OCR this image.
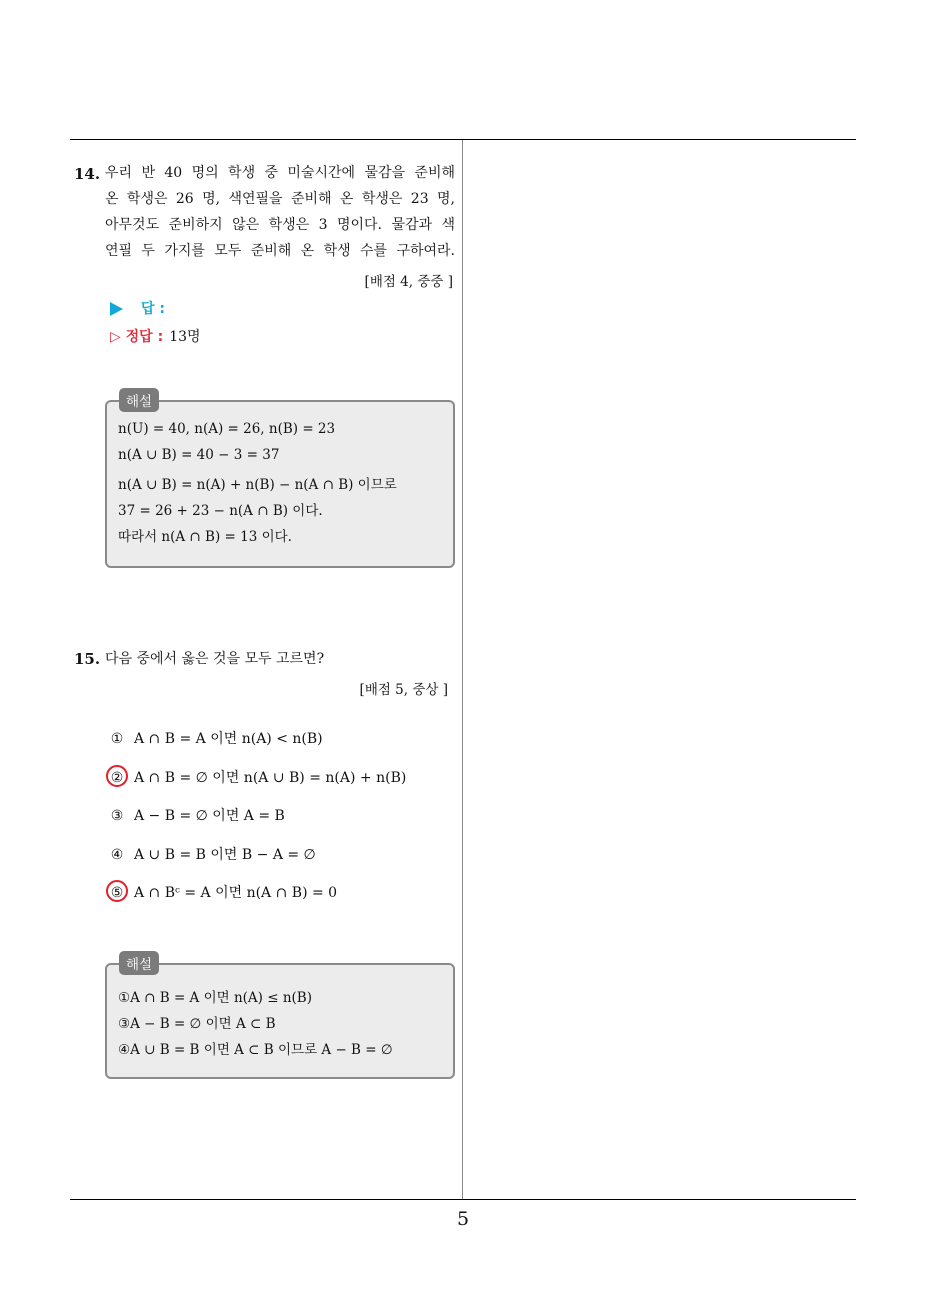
14. 우리 반 40 명의 학생 중 미술시간에 물감을 준비해
온 학생은 26 명, 색연필을 준비해 온 학생은 23 명,
아무것도 준비하지 않은 학생은 3 명이다. 물감과 색
연필 두 가지를 모두 준비해 온 학생 수를 구하여라.
[배점 4, 중중 ]
답 :
▷ 정답 : 13명
해설
n(U) = 40, n(A) = 26, n(B) = 23
n(A ∪ B) = 40 − 3 = 37
n(A ∪ B) = n(A) + n(B) − n(A ∩ B) 이므로
37 = 26 + 23 − n(A ∩ B) 이다.
따라서 n(A ∩ B) = 13 이다.
15. 다음 중에서 옳은 것을 모두 고르면?
[배점 5, 중상 ]
① A ∩ B = A 이면 n(A) < n(B)
② A ∩ B = ∅ 이면 n(A ∪ B) = n(A) + n(B)
③ A − B = ∅ 이면 A = B
④ A ∪ B = B 이면 B − A = ∅
⑤ A ∩ Bᶜ = A 이면 n(A ∩ B) = 0
해설
①A ∩ B = A 이면 n(A) ≤ n(B)
③A − B = ∅ 이면 A ⊂ B
④A ∪ B = B 이면 A ⊂ B 이므로 A − B = ∅
5
